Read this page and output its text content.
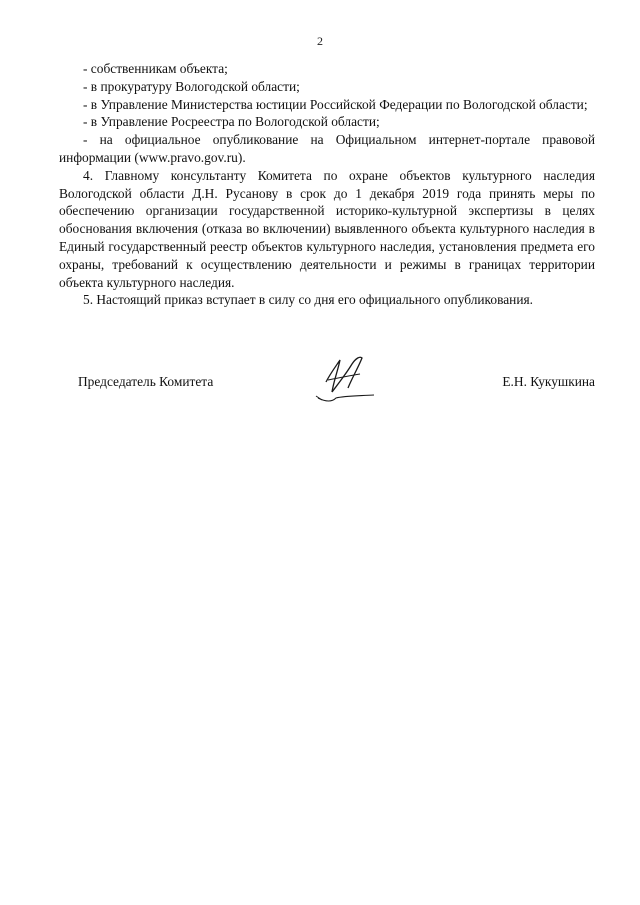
2

- собственникам объекта;

- в прокуратуру Вологодской области;

- в Управление Министерства юстиции Российской Федерации по Вологодской области;

- в Управление Росреестра по Вологодской области;

- на официальное опубликование на Официальном интернет-портале правовой информации (www.pravo.gov.ru).

4. Главному консультанту Комитета по охране объектов культурного наследия Вологодской области Д.Н. Русанову в срок до 1 декабря 2019 года принять меры по обеспечению организации государственной историко-культурной экспертизы в целях обоснования включения (отказа во включении) выявленного объекта культурного наследия в Единый государственный реестр объектов культурного наследия, установления предмета его охраны, требований к осуществлению деятельности и режимы в границах территории объекта культурного наследия.

5. Настоящий приказ вступает в силу со дня его официального опубликования.

Председатель Комитета	Е.Н. Кукушкина
